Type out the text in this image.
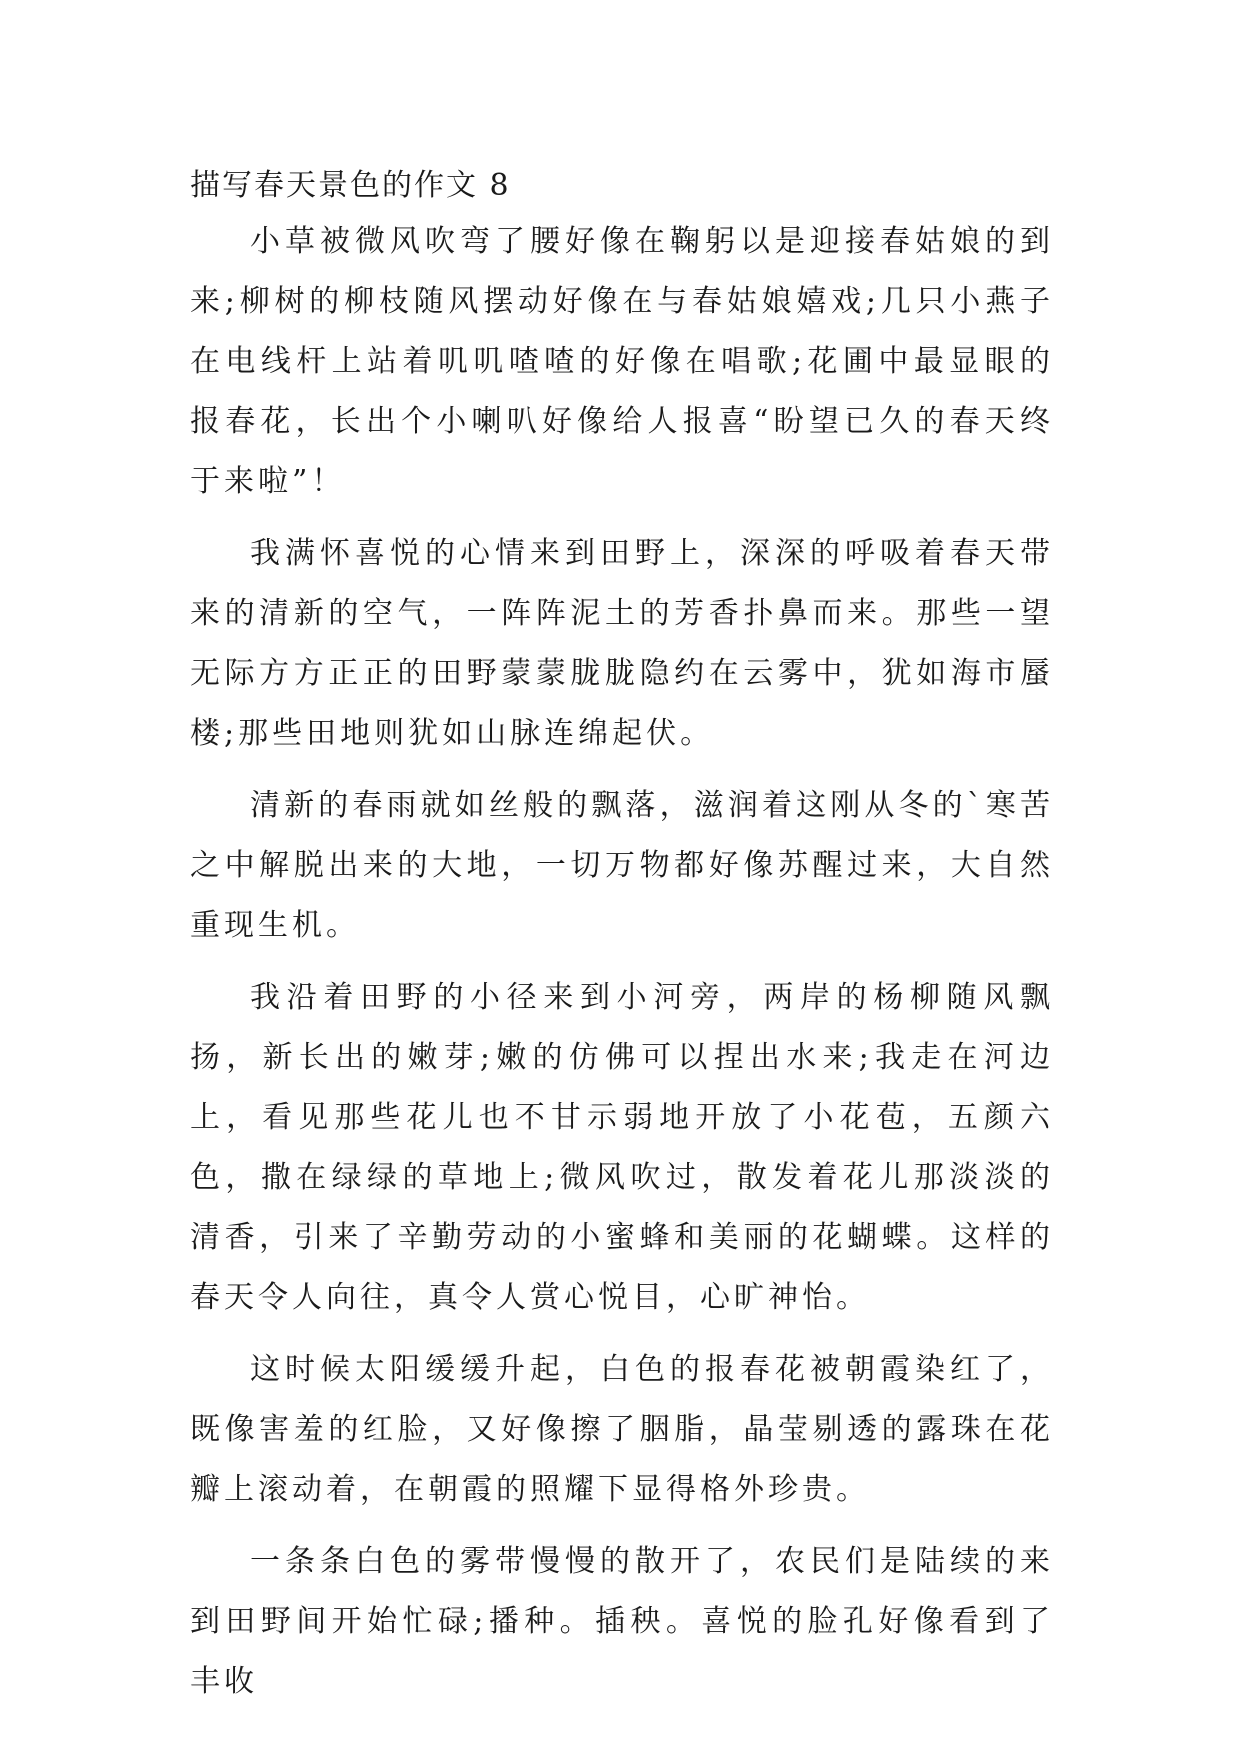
描写春天景色的作文 8

小草被微风吹弯了腰好像在鞠躬以是迎接春姑娘的到来;柳树的柳枝随风摆动好像在与春姑娘嬉戏;几只小燕子在电线杆上站着叽叽喳喳的好像在唱歌;花圃中最显眼的报春花，长出个小喇叭好像给人报喜“盼望已久的春天终于来啦”！

我满怀喜悦的心情来到田野上，深深的呼吸着春天带来的清新的空气，一阵阵泥土的芳香扑鼻而来。那些一望无际方方正正的田野蒙蒙胧胧隐约在云雾中，犹如海市蜃楼;那些田地则犹如山脉连绵起伏。

清新的春雨就如丝般的飘落，滋润着这刚从冬的`寒苦之中解脱出来的大地，一切万物都好像苏醒过来，大自然重现生机。

我沿着田野的小径来到小河旁，两岸的杨柳随风飘扬，新长出的嫩芽;嫩的仿佛可以捏出水来;我走在河边上，看见那些花儿也不甘示弱地开放了小花苞，五颜六色，撒在绿绿的草地上;微风吹过，散发着花儿那淡淡的清香，引来了辛勤劳动的小蜜蜂和美丽的花蝴蝶。这样的春天令人向往，真令人赏心悦目，心旷神怡。

这时候太阳缓缓升起，白色的报春花被朝霞染红了，既像害羞的红脸，又好像擦了胭脂，晶莹剔透的露珠在花瓣上滚动着，在朝霞的照耀下显得格外珍贵。

一条条白色的雾带慢慢的散开了，农民们是陆续的来到田野间开始忙碌;播种。插秧。喜悦的脸孔好像看到了丰收
